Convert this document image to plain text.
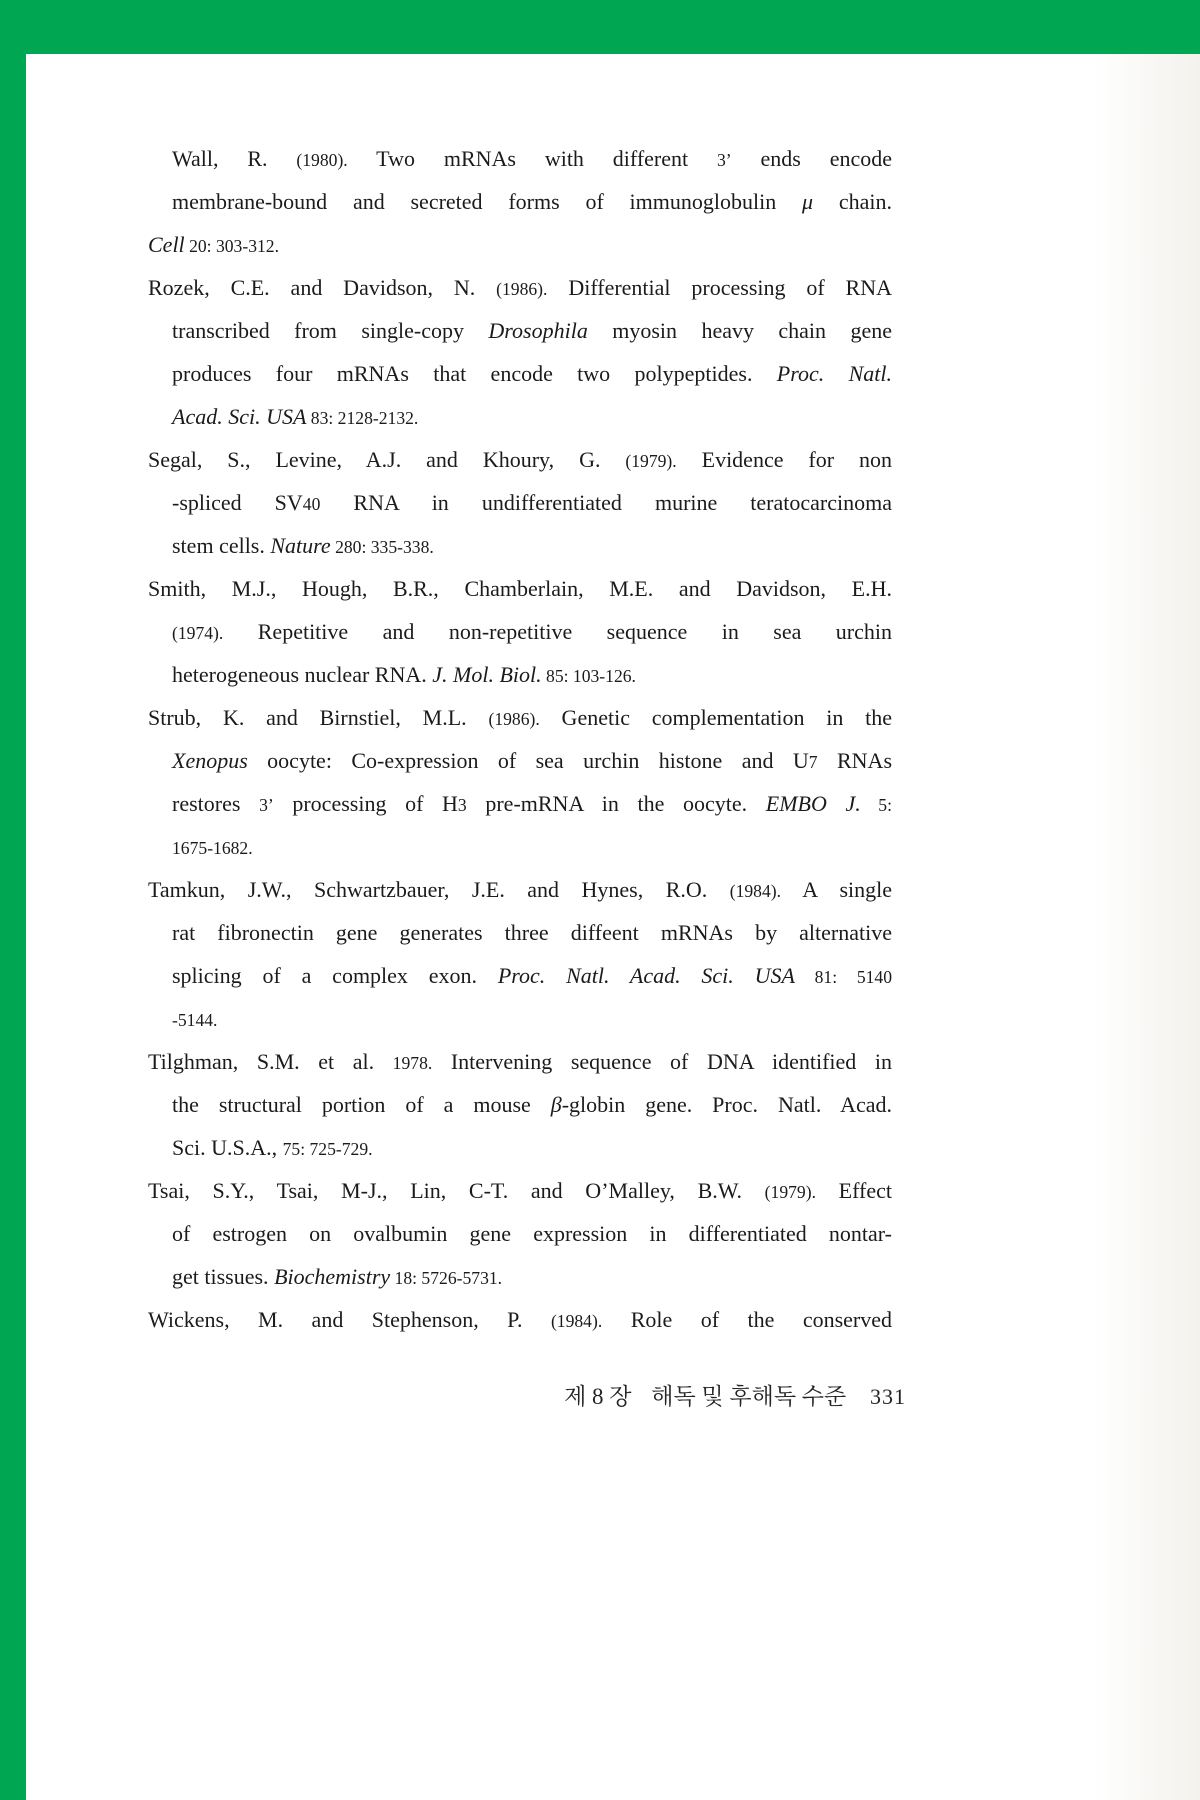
Wall, R. (1980). Two mRNAs with different 3’ ends encode
membrane-bound and secreted forms of immunoglobulin μ chain.
Cell 20: 303-312.
Rozek, C.E. and Davidson, N. (1986). Differential processing of RNA
transcribed from single-copy Drosophila myosin heavy chain gene
produces four mRNAs that encode two polypeptides. Proc. Natl.
Acad. Sci. USA 83: 2128-2132.
Segal, S., Levine, A.J. and Khoury, G. (1979). Evidence for non
-spliced SV40 RNA in undifferentiated murine teratocarcinoma
stem cells. Nature 280: 335-338.
Smith, M.J., Hough, B.R., Chamberlain, M.E. and Davidson, E.H.
(1974). Repetitive and non-repetitive sequence in sea urchin
heterogeneous nuclear RNA. J. Mol. Biol. 85: 103-126.
Strub, K. and Birnstiel, M.L. (1986). Genetic complementation in the
Xenopus oocyte: Co-expression of sea urchin histone and U7 RNAs
restores 3’ processing of H3 pre-mRNA in the oocyte. EMBO J. 5:
1675-1682.
Tamkun, J.W., Schwartzbauer, J.E. and Hynes, R.O. (1984). A single
rat fibronectin gene generates three diffeent mRNAs by alternative
splicing of a complex exon. Proc. Natl. Acad. Sci. USA 81: 5140
-5144.
Tilghman, S.M. et al. 1978. Intervening sequence of DNA identified in
the structural portion of a mouse β-globin gene. Proc. Natl. Acad.
Sci. U.S.A., 75: 725-729.
Tsai, S.Y., Tsai, M-J., Lin, C-T. and O’Malley, B.W. (1979). Effect
of estrogen on ovalbumin gene expression in differentiated nontar-
get tissues. Biochemistry 18: 5726-5731.
Wickens, M. and Stephenson, P. (1984). Role of the conserved
제 8 장 해독 및 후해독 수준 331
